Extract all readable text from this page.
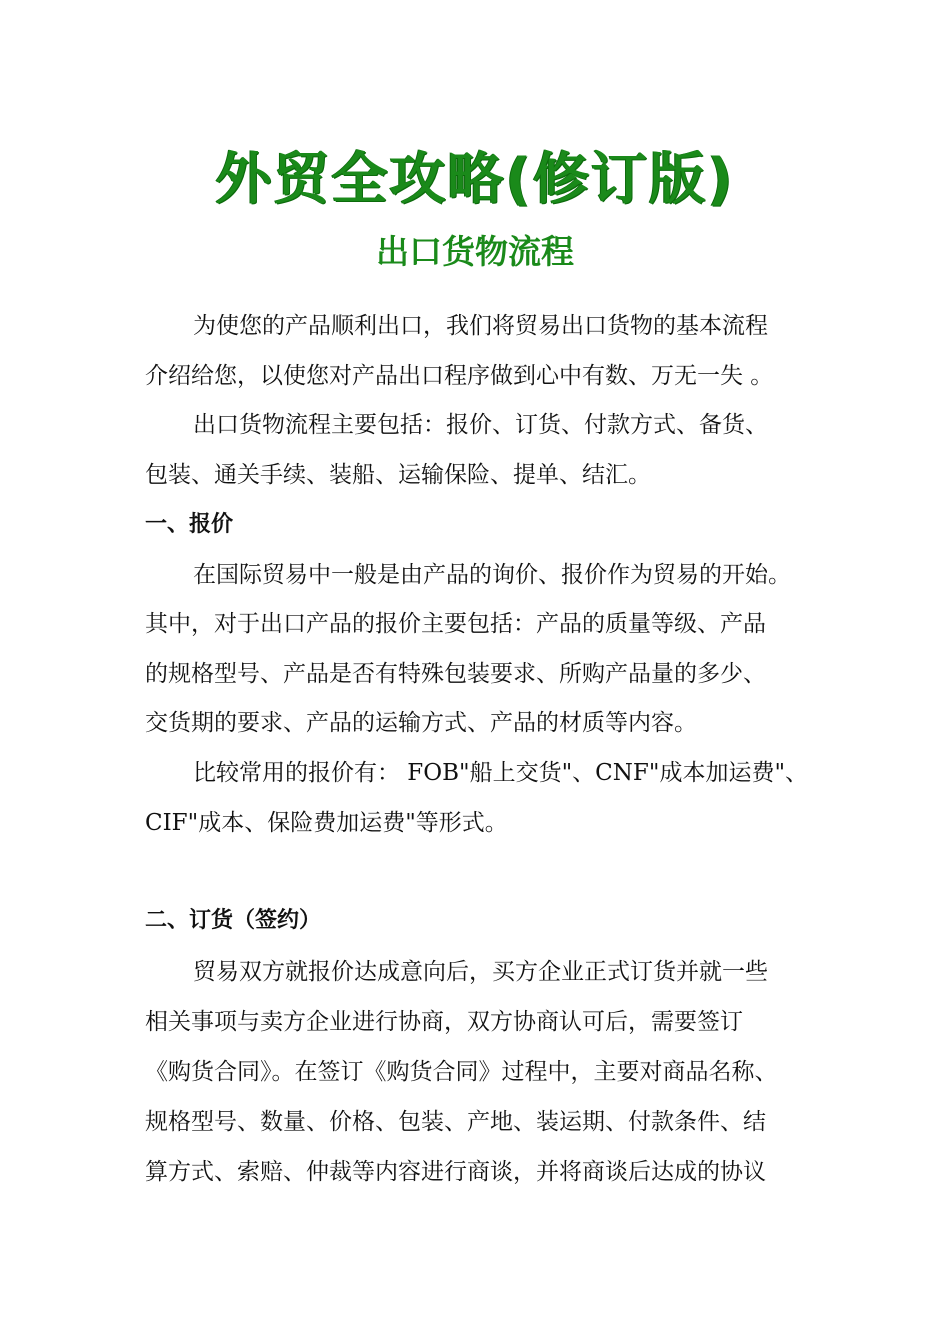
外贸全攻略(修订版)
出口货物流程
为使您的产品顺利出口，我们将贸易出口货物的基本流程
介绍给您，以使您对产品出口程序做到心中有数、万无一失 。
出口货物流程主要包括：报价、订货、付款方式、备货、
包装、通关手续、装船、运输保险、提单、结汇。
一、报价
在国际贸易中一般是由产品的询价、报价作为贸易的开始。
其中，对于出口产品的报价主要包括：产品的质量等级、产品
的规格型号、产品是否有特殊包装要求、所购产品量的多少、
交货期的要求、产品的运输方式、产品的材质等内容。
比较常用的报价有： FOB"船上交货"、CNF"成本加运费"、
CIF"成本、保险费加运费"等形式。
二、订货（签约）
贸易双方就报价达成意向后，买方企业正式订货并就一些
相关事项与卖方企业进行协商，双方协商认可后，需要签订
《购货合同》。在签订《购货合同》过程中，主要对商品名称、
规格型号、数量、价格、包装、产地、装运期、付款条件、结
算方式、索赔、仲裁等内容进行商谈，并将商谈后达成的协议
